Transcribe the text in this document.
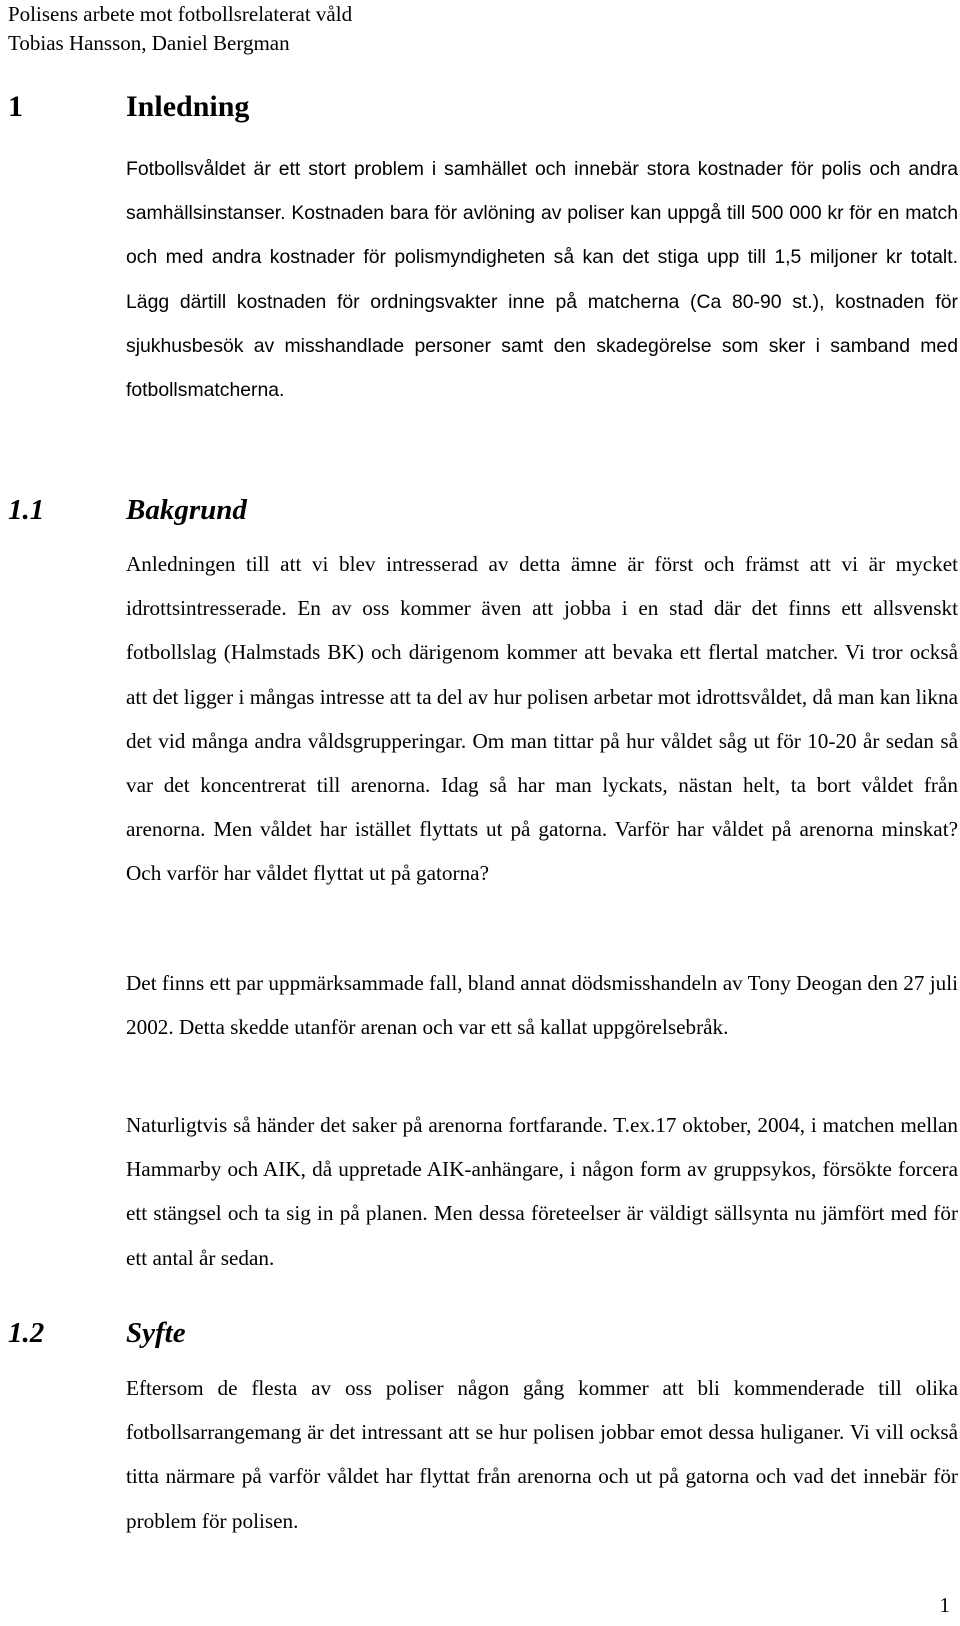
Polisens arbete mot fotbollsrelaterat våld
Tobias Hansson, Daniel Bergman
1	Inledning

Fotbollsvåldet är ett stort problem i samhället och innebär stora kostnader för polis och andra samhällsinstanser. Kostnaden bara för avlöning av poliser kan uppgå till 500 000 kr för en match och med andra kostnader för polismyndigheten så kan det stiga upp till 1,5 miljoner kr totalt. Lägg därtill kostnaden för ordningsvakter inne på matcherna (Ca 80-90 st.), kostnaden för sjukhusbesök av misshandlade personer samt den skadegörelse som sker i samband med fotbollsmatcherna.

1.1	Bakgrund

Anledningen till att vi blev intresserad av detta ämne är först och främst att vi är mycket idrottsintresserade. En av oss kommer även att jobba i en stad där det finns ett allsvenskt fotbollslag (Halmstads BK) och därigenom kommer att bevaka ett flertal matcher. Vi tror också att det ligger i mångas intresse att ta del av hur polisen arbetar mot idrottsvåldet, då man kan likna det vid många andra våldsgrupperingar. Om man tittar på hur våldet såg ut för 10-20 år sedan så var det koncentrerat till arenorna. Idag så har man lyckats, nästan helt, ta bort våldet från arenorna. Men våldet har istället flyttats ut på gatorna. Varför har våldet på arenorna minskat? Och varför har våldet flyttat ut på gatorna?

Det finns ett par uppmärksammade fall, bland annat dödsmisshandeln av Tony Deogan den 27 juli 2002. Detta skedde utanför arenan och var ett så kallat uppgörelsebråk.

Naturligtvis så händer det saker på arenorna fortfarande. T.ex.17 oktober, 2004, i matchen mellan Hammarby och AIK, då uppretade AIK-anhängare, i någon form av gruppsykos, försökte forcera ett stängsel och ta sig in på planen. Men dessa företeelser är väldigt sällsynta nu jämfört med för ett antal år sedan.

1.2	Syfte

Eftersom de flesta av oss poliser någon gång kommer att bli kommenderade till olika fotbollsarrangemang är det intressant att se hur polisen jobbar emot dessa huliganer. Vi vill också titta närmare på varför våldet har flyttat från arenorna och ut på gatorna och vad det innebär för problem för polisen.

1
